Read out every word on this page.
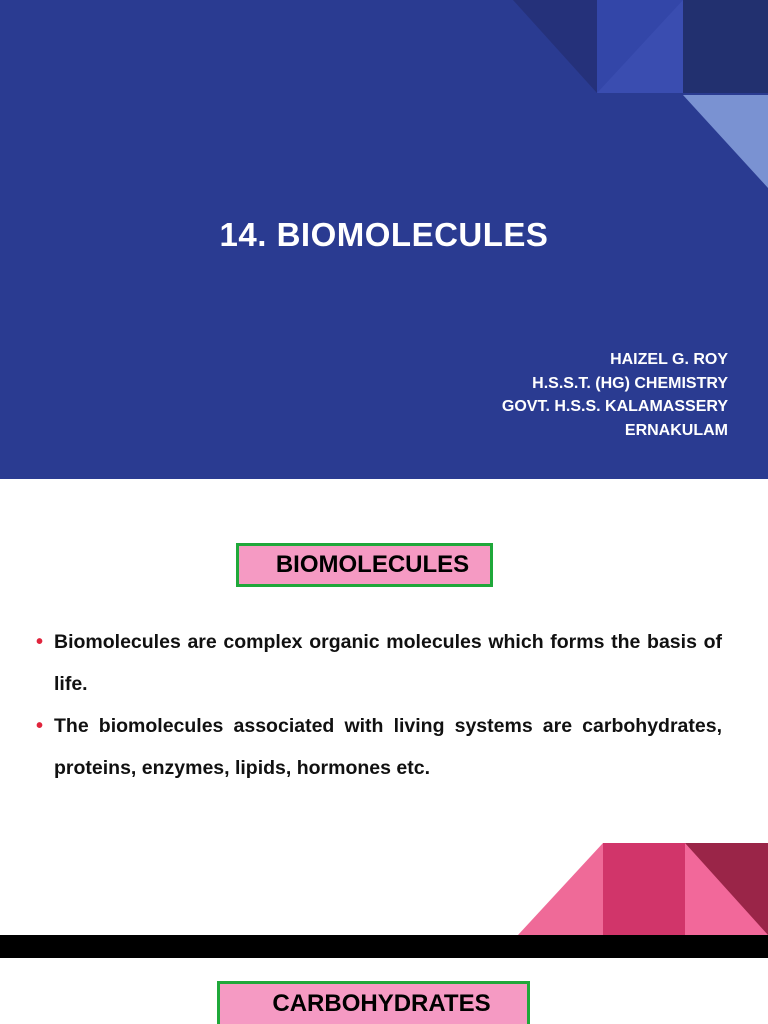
14. BIOMOLECULES
HAIZEL G. ROY
H.S.S.T. (HG) CHEMISTRY
GOVT. H.S.S. KALAMASSERY
ERNAKULAM
BIOMOLECULES
• Biomolecules are complex organic molecules which forms the basis of life.
• The biomolecules associated with living systems are carbohydrates, proteins, enzymes, lipids, hormones etc.
CARBOHYDRATES
